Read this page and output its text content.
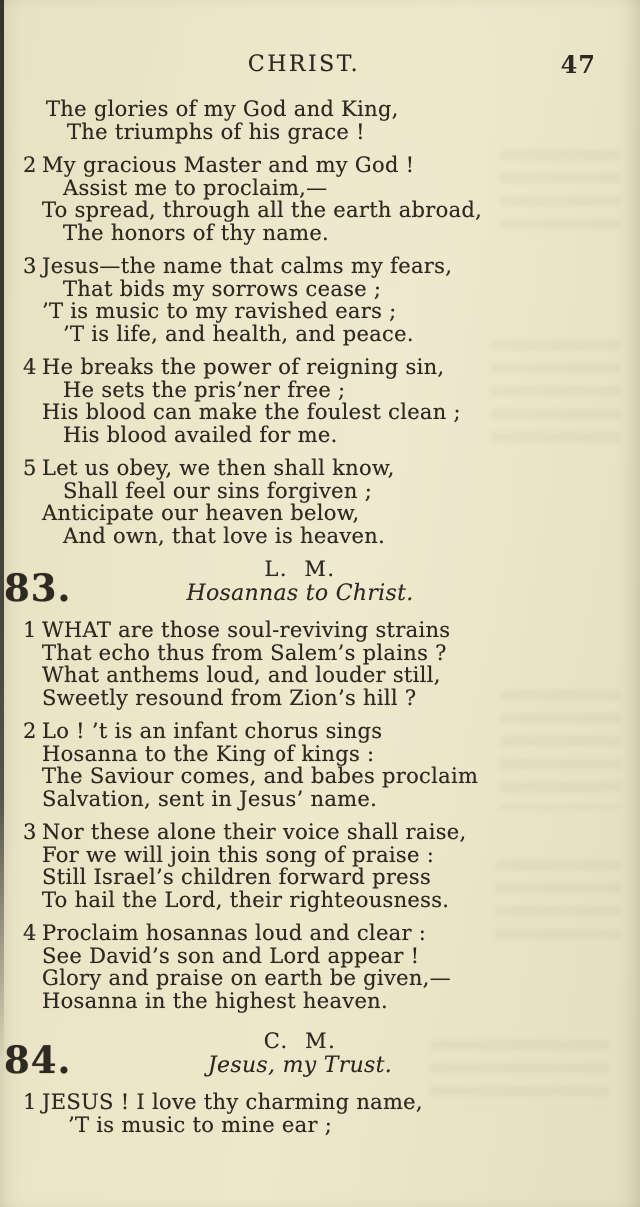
CHRIST.	47
The glories of my God and King,
The triumphs of his grace !
2 My gracious Master and my God !
Assist me to proclaim,—
To spread, through all the earth abroad,
The honors of thy name.
3 Jesus—the name that calms my fears,
That bids my sorrows cease ;
’T is music to my ravished ears ;
’T is life, and health, and peace.
4 He breaks the power of reigning sin,
He sets the pris’ner free ;
His blood can make the foulest clean ;
His blood availed for me.
5 Let us obey, we then shall know,
Shall feel our sins forgiven ;
Anticipate our heaven below,
And own, that love is heaven.
83.	L.  M.
Hosannas to Christ.
1 WHAT are those soul-reviving strains
That echo thus from Salem’s plains ?
What anthems loud, and louder still,
Sweetly resound from Zion’s hill ?
2 Lo ! ’t is an infant chorus sings
Hosanna to the King of kings :
The Saviour comes, and babes proclaim
Salvation, sent in Jesus’ name.
3 Nor these alone their voice shall raise,
For we will join this song of praise :
Still Israel’s children forward press
To hail the Lord, their righteousness.
4 Proclaim hosannas loud and clear :
See David’s son and Lord appear !
Glory and praise on earth be given,—
Hosanna in the highest heaven.
84.	C.  M.
Jesus, my Trust.
1 JESUS ! I love thy charming name,
’T is music to mine ear ;
